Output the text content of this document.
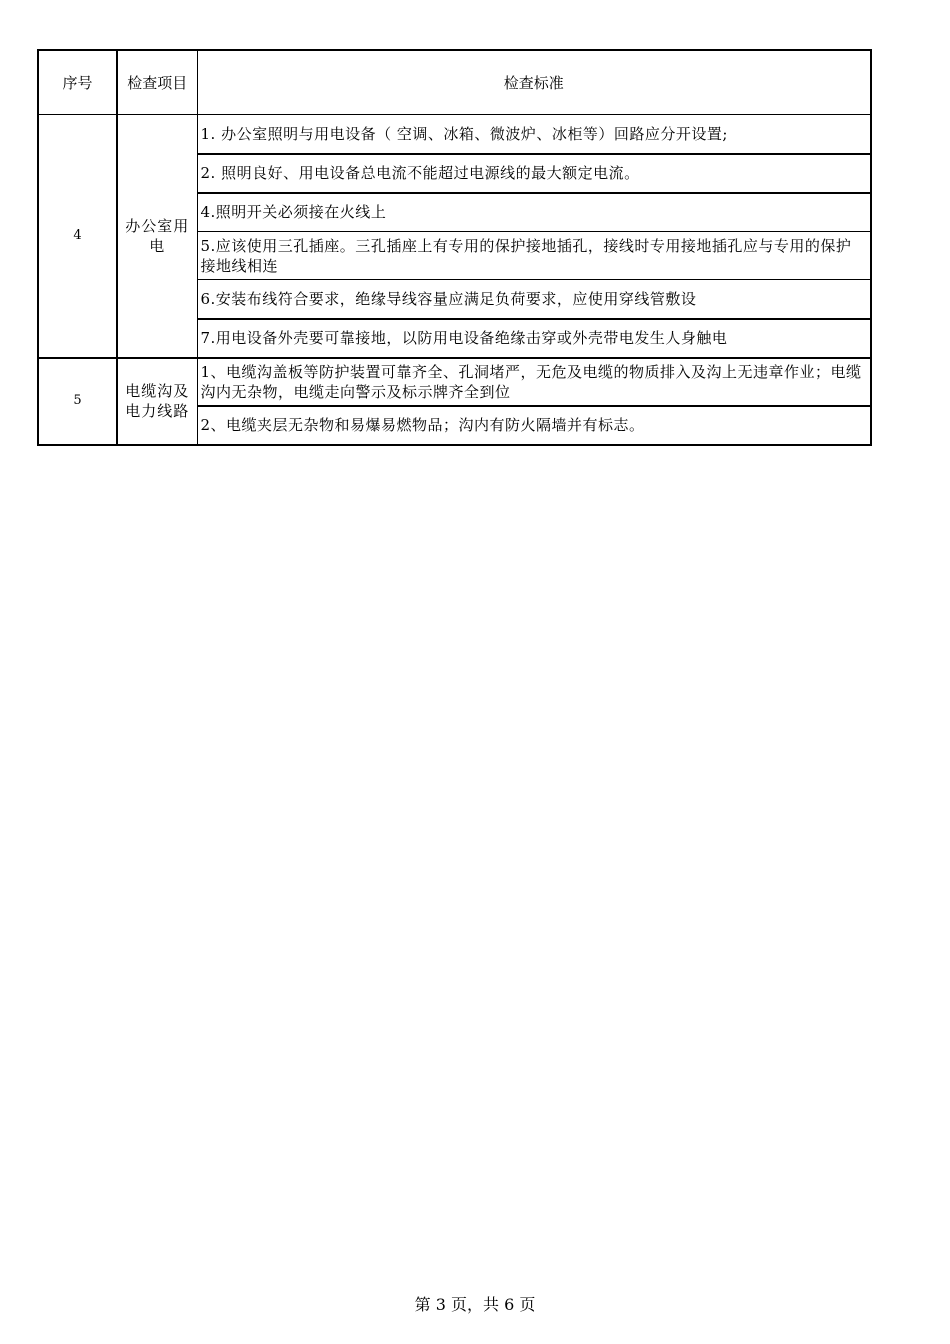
序号	检查项目	检查标准
4	办公室用电	1. 办公室照明与用电设备（ 空调、冰箱、微波炉、冰柜等）回路应分开设置;
		2. 照明良好、用电设备总电流不能超过电源线的最大额定电流。
		4.照明开关必须接在火线上
		5.应该使用三孔插座。三孔插座上有专用的保护接地插孔，接线时专用接地插孔应与专用的保护接地线相连
		6.安装布线符合要求，绝缘导线容量应满足负荷要求，应使用穿线管敷设
		7.用电设备外壳要可靠接地，以防用电设备绝缘击穿或外壳带电发生人身触电
5	电缆沟及电力线路	1、电缆沟盖板等防护装置可靠齐全、孔洞堵严，无危及电缆的物质排入及沟上无违章作业；电缆沟内无杂物，电缆走向警示及标示牌齐全到位
		2、电缆夹层无杂物和易爆易燃物品；沟内有防火隔墙并有标志。
第 3 页，共 6 页
